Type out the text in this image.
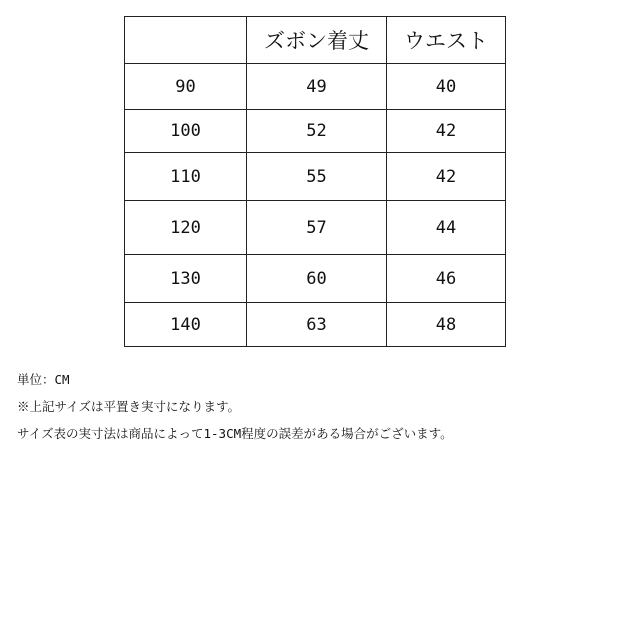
	ズボン着丈	ウエスト
90	49	40
100	52	42
110	55	42
120	57	44
130	60	46
140	63	48
単位：CM
※上記サイズは平置き実寸になります。
サイズ表の実寸法は商品によって1-3CM程度の誤差がある場合がございます。
